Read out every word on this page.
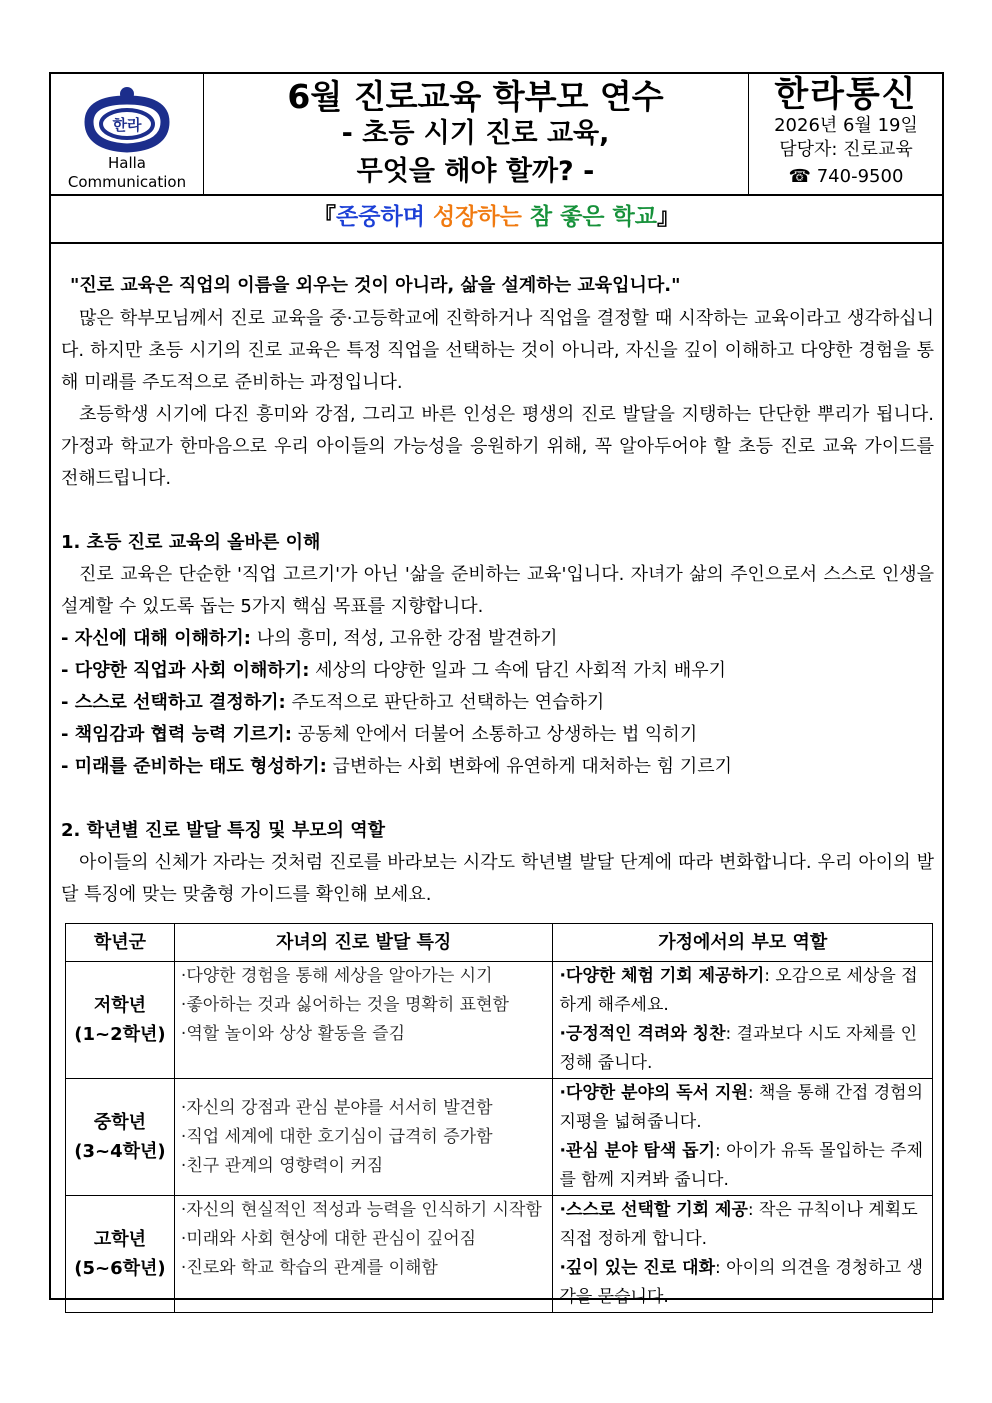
한라
Halla
Communication
6월 진로교육 학부모 연수
- 초등 시기 진로 교육,
무엇을 해야 할까? -
한라통신
2026년 6월 19일
담당자: 진로교육
☎ 740-9500
『존중하며 성장하는 참 좋은 학교』
"진로 교육은 직업의 이름을 외우는 것이 아니라, 삶을 설계하는 교육입니다."
많은 학부모님께서 진로 교육을 중·고등학교에 진학하거나 직업을 결정할 때 시작하는 교육이라고 생각하십니다. 하지만 초등 시기의 진로 교육은 특정 직업을 선택하는 것이 아니라, 자신을 깊이 이해하고 다양한 경험을 통해 미래를 주도적으로 준비하는 과정입니다.
초등학생 시기에 다진 흥미와 강점, 그리고 바른 인성은 평생의 진로 발달을 지탱하는 단단한 뿌리가 됩니다. 가정과 학교가 한마음으로 우리 아이들의 가능성을 응원하기 위해, 꼭 알아두어야 할 초등 진로 교육 가이드를 전해드립니다.
1. 초등 진로 교육의 올바른 이해
진로 교육은 단순한 '직업 고르기'가 아닌 '삶을 준비하는 교육'입니다. 자녀가 삶의 주인으로서 스스로 인생을 설계할 수 있도록 돕는 5가지 핵심 목표를 지향합니다.
- 자신에 대해 이해하기: 나의 흥미, 적성, 고유한 강점 발견하기
- 다양한 직업과 사회 이해하기: 세상의 다양한 일과 그 속에 담긴 사회적 가치 배우기
- 스스로 선택하고 결정하기: 주도적으로 판단하고 선택하는 연습하기
- 책임감과 협력 능력 기르기: 공동체 안에서 더불어 소통하고 상생하는 법 익히기
- 미래를 준비하는 태도 형성하기: 급변하는 사회 변화에 유연하게 대처하는 힘 기르기
2. 학년별 진로 발달 특징 및 부모의 역할
아이들의 신체가 자라는 것처럼 진로를 바라보는 시각도 학년별 발달 단계에 따라 변화합니다. 우리 아이의 발달 특징에 맞는 맞춤형 가이드를 확인해 보세요.
학년군	자녀의 진로 발달 특징	가정에서의 부모 역할

저학년
(1~2학년)	·다양한 경험을 통해 세상을 알아가는 시기
·좋아하는 것과 싫어하는 것을 명확히 표현함
·역할 놀이와 상상 활동을 즐김	·다양한 체험 기회 제공하기: 오감으로 세상을 접하게 해주세요.
·긍정적인 격려와 칭찬: 결과보다 시도 자체를 인정해 줍니다.

중학년
(3~4학년)	·자신의 강점과 관심 분야를 서서히 발견함
·직업 세계에 대한 호기심이 급격히 증가함
·친구 관계의 영향력이 커짐	·다양한 분야의 독서 지원: 책을 통해 간접 경험의 지평을 넓혀줍니다.
·관심 분야 탐색 돕기: 아이가 유독 몰입하는 주제를 함께 지켜봐 줍니다.

고학년
(5~6학년)	·자신의 현실적인 적성과 능력을 인식하기 시작함
·미래와 사회 현상에 대한 관심이 깊어짐
·진로와 학교 학습의 관계를 이해함	·스스로 선택할 기회 제공: 작은 규칙이나 계획도 직접 정하게 합니다.
·깊이 있는 진로 대화: 아이의 의견을 경청하고 생각을 묻습니다.
